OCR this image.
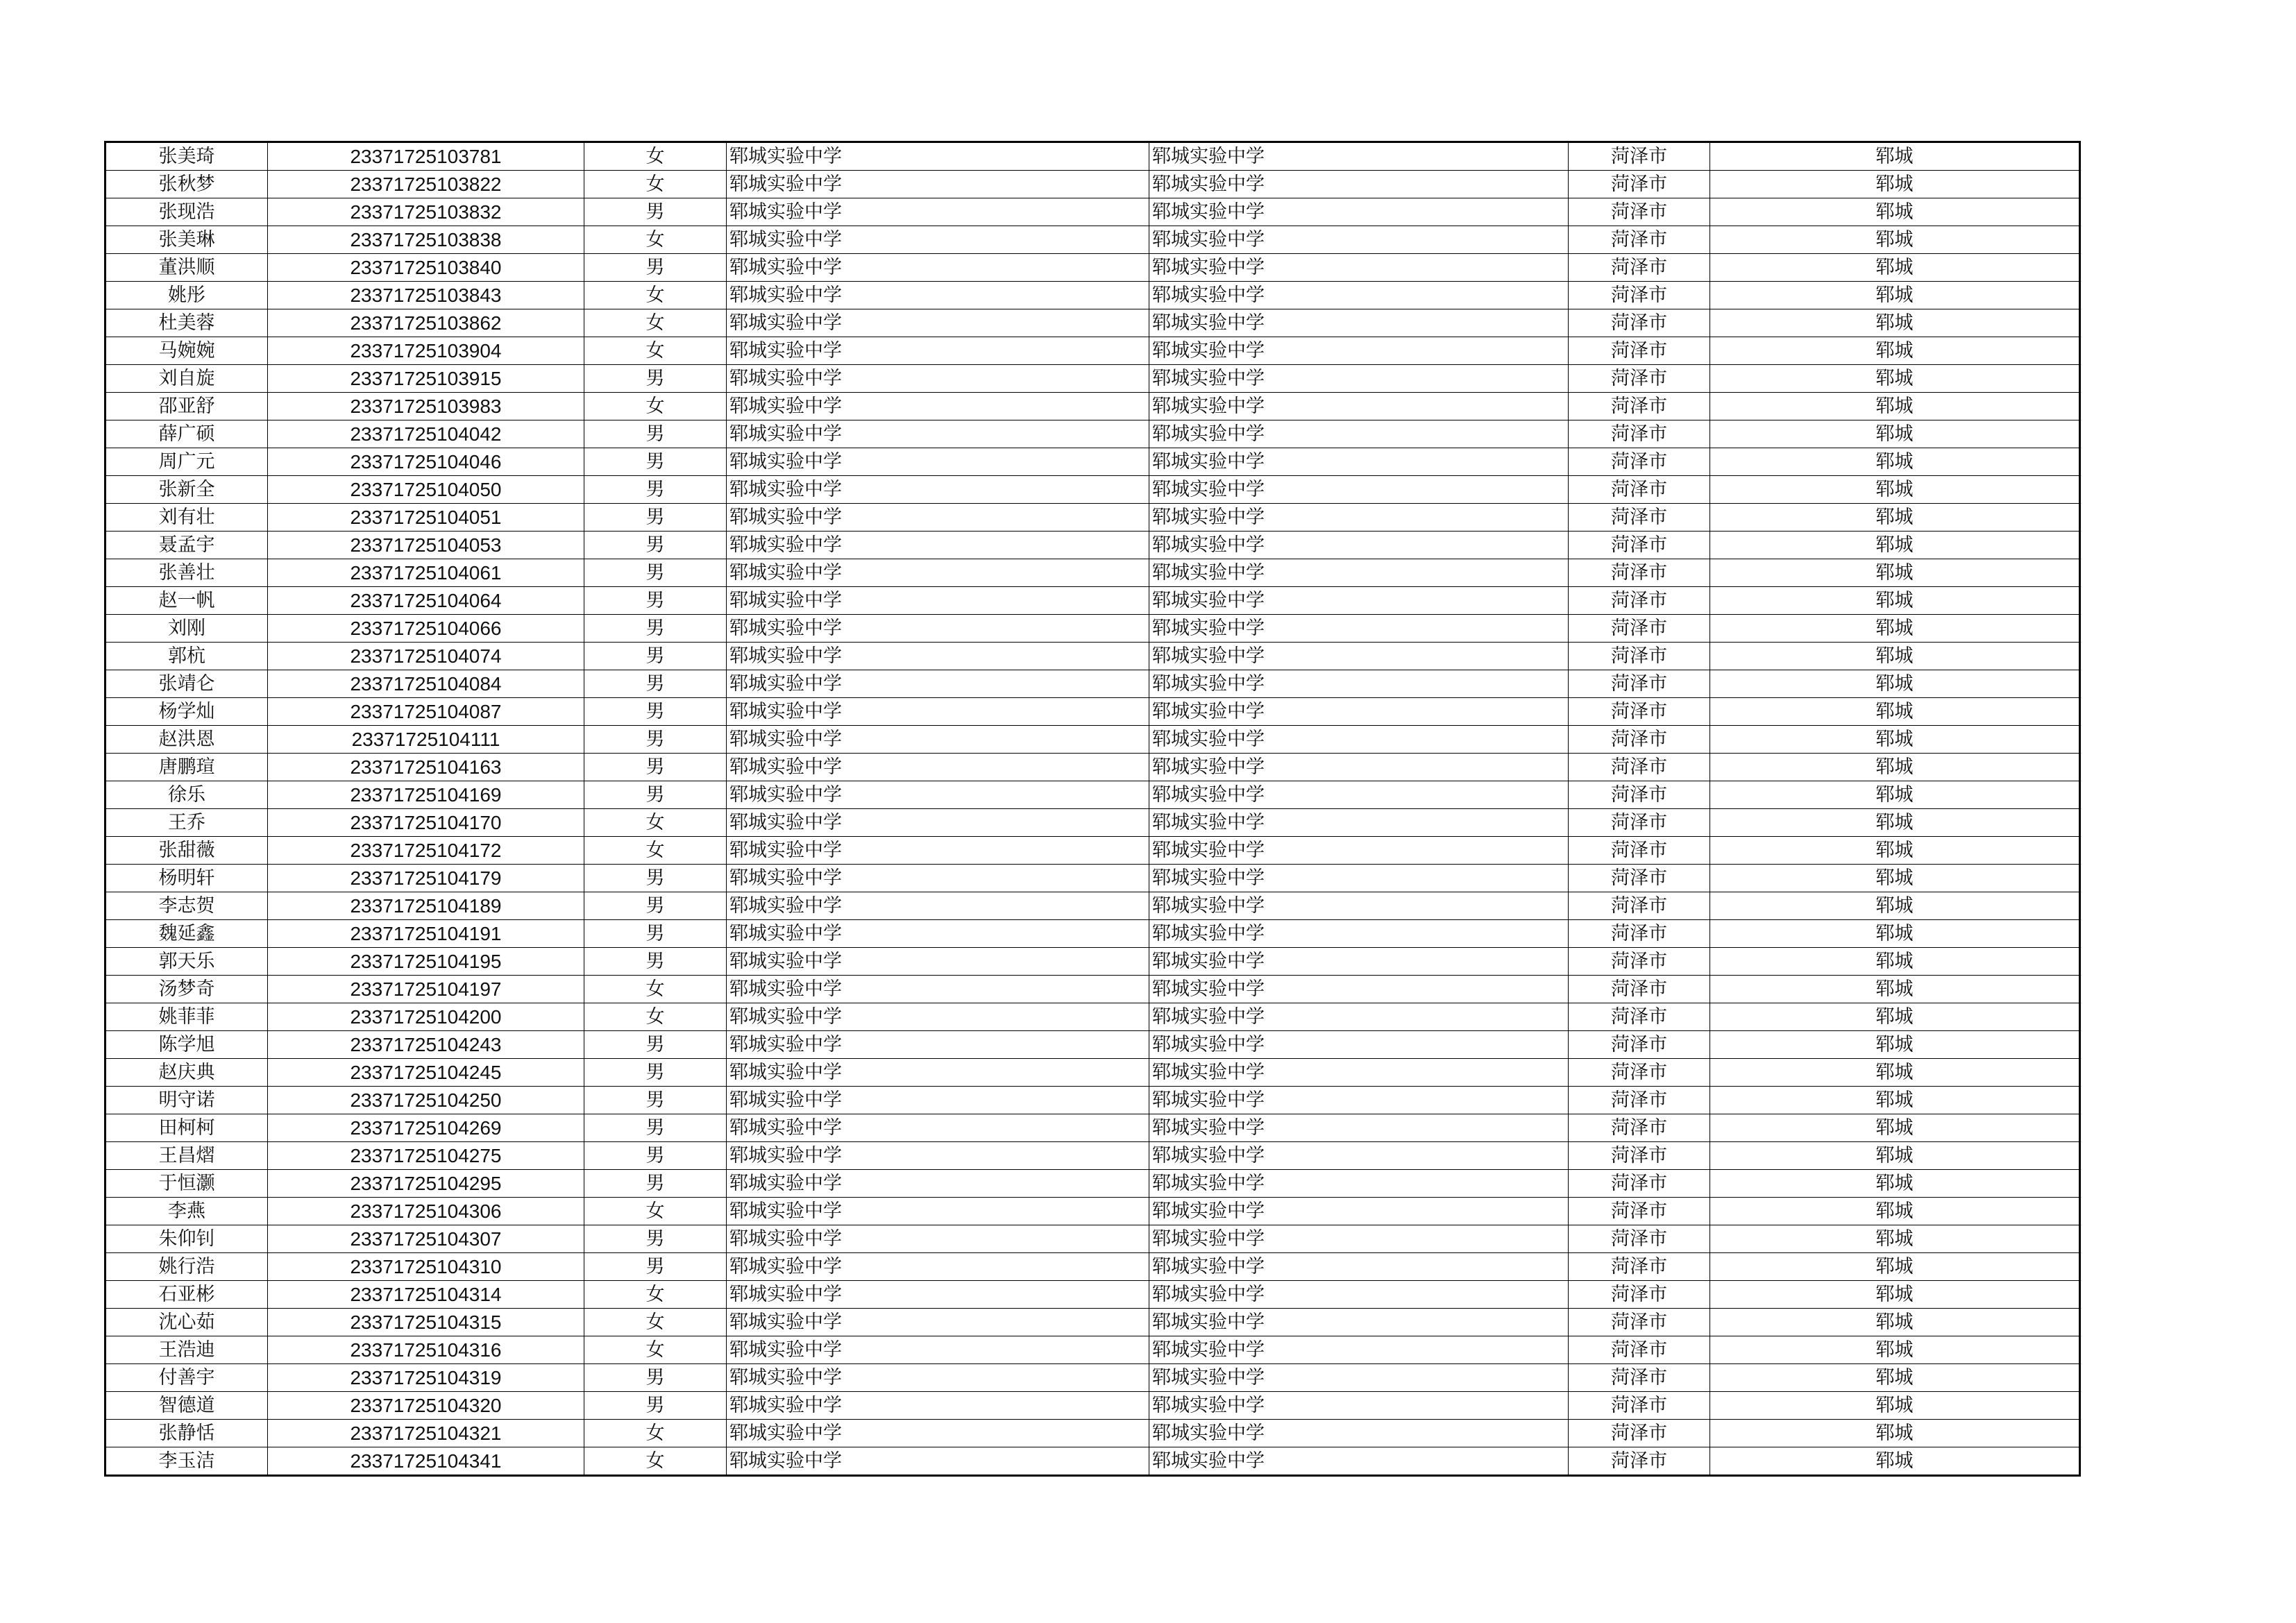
张美琦	23371725103781	女	郓城实验中学	郓城实验中学	菏泽市	郓城
张秋梦	23371725103822	女	郓城实验中学	郓城实验中学	菏泽市	郓城
张现浩	23371725103832	男	郓城实验中学	郓城实验中学	菏泽市	郓城
张美琳	23371725103838	女	郓城实验中学	郓城实验中学	菏泽市	郓城
董洪顺	23371725103840	男	郓城实验中学	郓城实验中学	菏泽市	郓城
姚彤	23371725103843	女	郓城实验中学	郓城实验中学	菏泽市	郓城
杜美蓉	23371725103862	女	郓城实验中学	郓城实验中学	菏泽市	郓城
马婉婉	23371725103904	女	郓城实验中学	郓城实验中学	菏泽市	郓城
刘自旋	23371725103915	男	郓城实验中学	郓城实验中学	菏泽市	郓城
邵亚舒	23371725103983	女	郓城实验中学	郓城实验中学	菏泽市	郓城
薛广硕	23371725104042	男	郓城实验中学	郓城实验中学	菏泽市	郓城
周广元	23371725104046	男	郓城实验中学	郓城实验中学	菏泽市	郓城
张新全	23371725104050	男	郓城实验中学	郓城实验中学	菏泽市	郓城
刘有壮	23371725104051	男	郓城实验中学	郓城实验中学	菏泽市	郓城
聂孟宇	23371725104053	男	郓城实验中学	郓城实验中学	菏泽市	郓城
张善壮	23371725104061	男	郓城实验中学	郓城实验中学	菏泽市	郓城
赵一帆	23371725104064	男	郓城实验中学	郓城实验中学	菏泽市	郓城
刘刚	23371725104066	男	郓城实验中学	郓城实验中学	菏泽市	郓城
郭杭	23371725104074	男	郓城实验中学	郓城实验中学	菏泽市	郓城
张靖仑	23371725104084	男	郓城实验中学	郓城实验中学	菏泽市	郓城
杨学灿	23371725104087	男	郓城实验中学	郓城实验中学	菏泽市	郓城
赵洪恩	23371725104111	男	郓城实验中学	郓城实验中学	菏泽市	郓城
唐鹏瑄	23371725104163	男	郓城实验中学	郓城实验中学	菏泽市	郓城
徐乐	23371725104169	男	郓城实验中学	郓城实验中学	菏泽市	郓城
王乔	23371725104170	女	郓城实验中学	郓城实验中学	菏泽市	郓城
张甜薇	23371725104172	女	郓城实验中学	郓城实验中学	菏泽市	郓城
杨明轩	23371725104179	男	郓城实验中学	郓城实验中学	菏泽市	郓城
李志贺	23371725104189	男	郓城实验中学	郓城实验中学	菏泽市	郓城
魏延鑫	23371725104191	男	郓城实验中学	郓城实验中学	菏泽市	郓城
郭天乐	23371725104195	男	郓城实验中学	郓城实验中学	菏泽市	郓城
汤梦奇	23371725104197	女	郓城实验中学	郓城实验中学	菏泽市	郓城
姚菲菲	23371725104200	女	郓城实验中学	郓城实验中学	菏泽市	郓城
陈学旭	23371725104243	男	郓城实验中学	郓城实验中学	菏泽市	郓城
赵庆典	23371725104245	男	郓城实验中学	郓城实验中学	菏泽市	郓城
明守诺	23371725104250	男	郓城实验中学	郓城实验中学	菏泽市	郓城
田柯柯	23371725104269	男	郓城实验中学	郓城实验中学	菏泽市	郓城
王昌熠	23371725104275	男	郓城实验中学	郓城实验中学	菏泽市	郓城
于恒灏	23371725104295	男	郓城实验中学	郓城实验中学	菏泽市	郓城
李燕	23371725104306	女	郓城实验中学	郓城实验中学	菏泽市	郓城
朱仰钊	23371725104307	男	郓城实验中学	郓城实验中学	菏泽市	郓城
姚行浩	23371725104310	男	郓城实验中学	郓城实验中学	菏泽市	郓城
石亚彬	23371725104314	女	郓城实验中学	郓城实验中学	菏泽市	郓城
沈心茹	23371725104315	女	郓城实验中学	郓城实验中学	菏泽市	郓城
王浩迪	23371725104316	女	郓城实验中学	郓城实验中学	菏泽市	郓城
付善宇	23371725104319	男	郓城实验中学	郓城实验中学	菏泽市	郓城
智德道	23371725104320	男	郓城实验中学	郓城实验中学	菏泽市	郓城
张静恬	23371725104321	女	郓城实验中学	郓城实验中学	菏泽市	郓城
李玉洁	23371725104341	女	郓城实验中学	郓城实验中学	菏泽市	郓城
